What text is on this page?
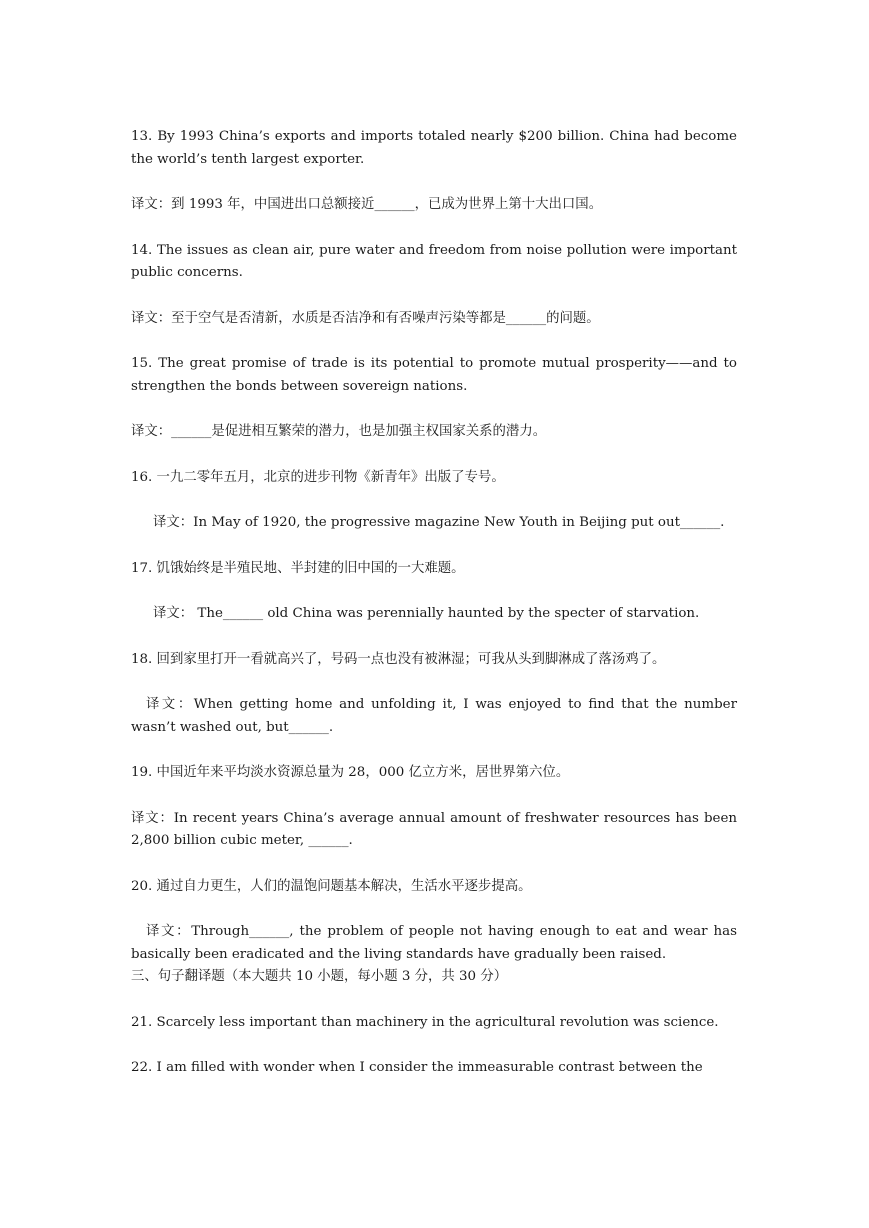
13. By 1993 China’s exports and imports totaled nearly $200 billion. China had become the world’s tenth largest exporter.

译文：到 1993 年，中国进出口总额接近______，已成为世界上第十大出口国。

14. The issues as clean air, pure water and freedom from noise pollution were important public concerns.

译文：至于空气是否清新，水质是否洁净和有否噪声污染等都是______的问题。

15. The great promise of trade is its potential to promote mutual prosperity——and to strengthen the bonds between sovereign nations.

译文：______是促进相互繁荣的潜力，也是加强主权国家关系的潜力。

16. 一九二零年五月，北京的进步刊物《新青年》出版了专号。

译文：In May of 1920, the progressive magazine New Youth in Beijing put out______.

17. 饥饿始终是半殖民地、半封建的旧中国的一大难题。

译文： The______ old China was perennially haunted by the specter of starvation.

18. 回到家里打开一看就高兴了，号码一点也没有被淋湿；可我从头到脚淋成了落汤鸡了。

译文：When getting home and unfolding it, I was enjoyed to find that the number wasn’t washed out, but______.

19. 中国近年来平均淡水资源总量为 28，000 亿立方米，居世界第六位。

译文：In recent years China’s average annual amount of freshwater resources has been 2,800 billion cubic meter, ______.

20. 通过自力更生，人们的温饱问题基本解决，生活水平逐步提高。

译文：Through______, the problem of people not having enough to eat and wear has basically been eradicated and the living standards have gradually been raised.

三、句子翻译题（本大题共 10 小题，每小题 3 分，共 30 分）

21. Scarcely less important than machinery in the agricultural revolution was science.

22. I am filled with wonder when I consider the immeasurable contrast between the
